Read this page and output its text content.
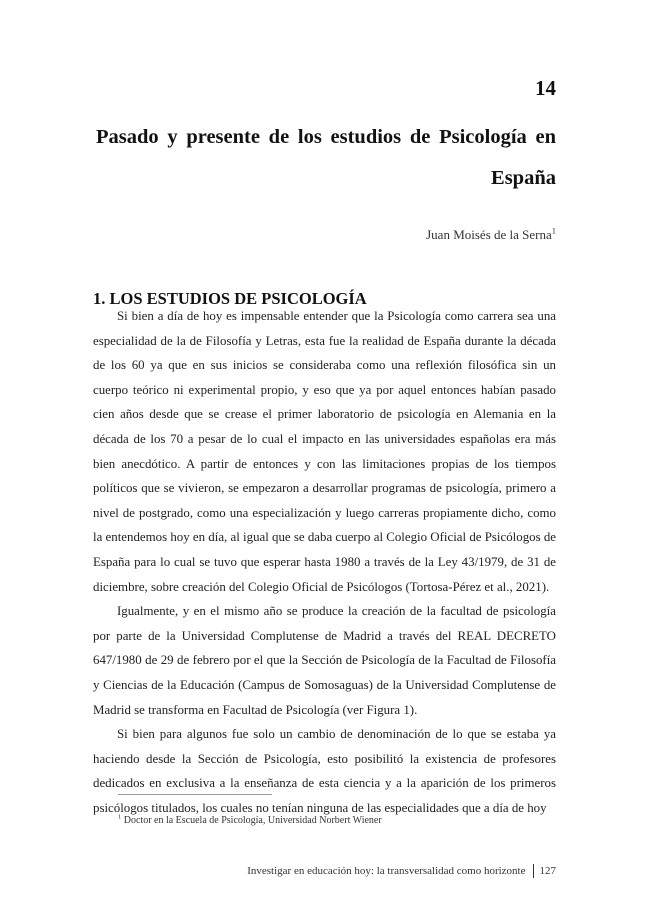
14
Pasado y presente de los estudios de Psicología en España
Juan Moisés de la Serna$^1$
1. LOS ESTUDIOS DE PSICOLOGÍA

Si bien a día de hoy es impensable entender que la Psicología como carrera sea una especialidad de la de Filosofía y Letras, esta fue la realidad de España durante la década de los 60 ya que en sus inicios se consideraba como una reflexión filosófica sin un cuerpo teórico ni experimental propio, y eso que ya por aquel entonces habían pasado cien años desde que se crease el primer laboratorio de psicología en Alemania en la década de los 70 a pesar de lo cual el impacto en las universidades españolas era más bien anecdótico. A partir de entonces y con las limitaciones propias de los tiempos políticos que se vivieron, se empezaron a desarrollar programas de psicología, primero a nivel de postgrado, como una especialización y luego carreras propiamente dicho, como la entendemos hoy en día, al igual que se daba cuerpo al Colegio Oficial de Psicólogos de España para lo cual se tuvo que esperar hasta 1980 a través de la Ley 43/1979, de 31 de diciembre, sobre creación del Colegio Oficial de Psicólogos (Tortosa-Pérez et al., 2021).

Igualmente, y en el mismo año se produce la creación de la facultad de psicología por parte de la Universidad Complutense de Madrid a través del REAL DECRETO 647/1980 de 29 de febrero por el que la Sección de Psicología de la Facultad de Filosofía y Ciencias de la Educación (Campus de Somosaguas) de la Universidad Complutense de Madrid se transforma en Facultad de Psicología (ver Figura 1).

Si bien para algunos fue solo un cambio de denominación de lo que se estaba ya haciendo desde la Sección de Psicología, esto posibilitó la existencia de profesores dedicados en exclusiva a la enseñanza de esta ciencia y a la aparición de los primeros psicólogos titulados, los cuales no tenían ninguna de las especialidades que a día de hoy

$^1$ Doctor en la Escuela de Psicología, Universidad Norbert Wiener
Investigar en educación hoy: la transversalidad como horizonte 127
